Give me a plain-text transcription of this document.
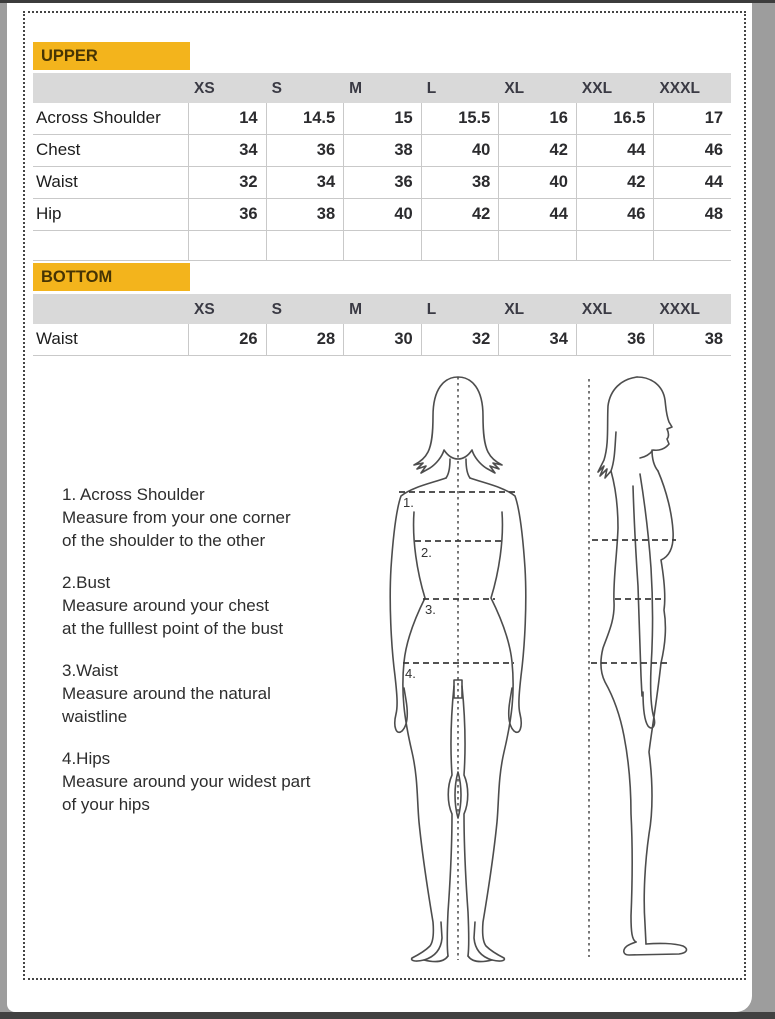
UPPER
XS	S	M	L	XL	XXL	XXXL
Across Shoulder	14	14.5	15	15.5	16	16.5	17
Chest	34	36	38	40	42	44	46
Waist	32	34	36	38	40	42	44
Hip	36	38	40	42	44	46	48
BOTTOM
XS	S	M	L	XL	XXL	XXXL
Waist	26	28	30	32	34	36	38
1. Across Shoulder
Measure from your one corner
of the shoulder to the other
2.Bust
Measure around your chest
at the fulllest point of the bust
3.Waist
Measure around the natural
waistline
4.Hips
Measure around your widest part
of your hips
1.
2.
3.
4.
